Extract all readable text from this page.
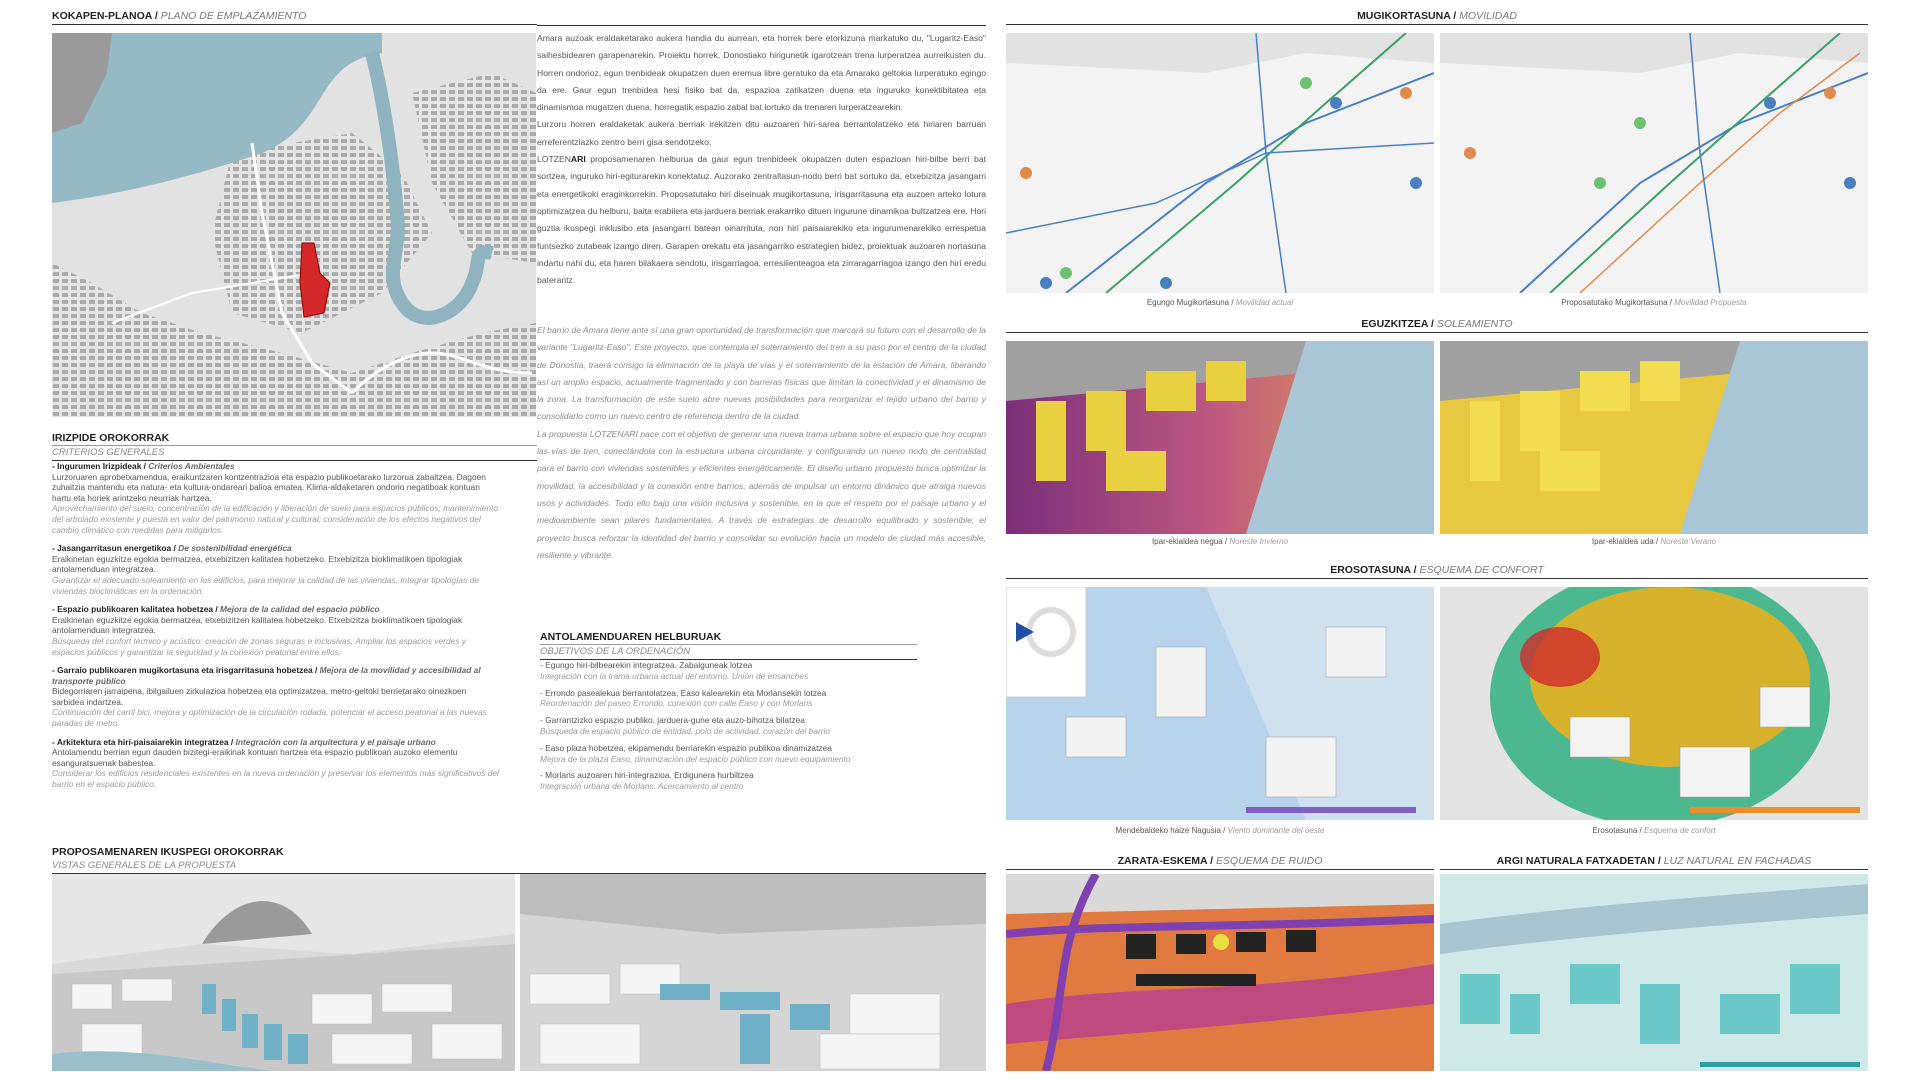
KOKAPEN-PLANOA / PLANO DE EMPLAZAMIENTO
IRIZPIDE OROKORRAK
CRITERIOS GENERALES
- Ingurumen Irizpideak / Criterios Ambientales
Lurzoruaren aprobetxamendua, eraikuntzaren kontzentrazioa eta espazio publikoetarako lurzorua zabaltzea. Dagoen zuhaitzia mantendu eta natura- eta kultura-ondareari balioa ematea. Klima-aldaketaren ondorio negatiboak kontuan hartu eta horiek arintzeko neurriak hartzea.
Aprovechamiento del suelo, concentración de la edificación y liberación de suelo para espacios públicos; mantenimiento del arbolado existente y puesta en valor del patrimonio natural y cultural; consideración de los efectos negativos del cambio climático con medidas para mitigarlos.
- Jasangarritasun energetikoa / De sostenibilidad energética
Eraikinetan eguzkitze egokia bermatzea, etxebizitzen kalitatea hobetzeko. Etxebizitza bioklimatikoen tipologiak antolamenduan integratzea.
Garantizar el adecuado soleamiento en los edificios, para mejorar la calidad de las viviendas. Integrar tipologías de viviendas bioclimáticas en la ordenación.
- Espazio publikoaren kalitatea hobetzea / Mejora de la calidad del espacio público
Eraikinetan eguzkitze egokia bermatzea, etxebizitzen kalitatea hobetzeko. Etxebizitza bioklimatikoen tipologiak antolamenduan integratzea.
Búsqueda del confort térmico y acústico: creación de zonas seguras e inclusivas. Ampliar los espacios verdes y espacios públicos y garantizar la seguridad y la conexión peatonal entre ellos.
- Garraio publikoaren mugikortasuna eta irisgarritasuna hobetzea / Mejora de la movilidad y accesibilidad al transporte público
Bidegorriaren jarraipena, ibilgailuen zirkulazioa hobetzea eta optimizatzea, metro-geltoki berrietarako oinezkoen sarbidea indartzea.
Continuación del carril bici, mejora y optimización de la circulación rodada, potenciar el acceso peatonal a las nuevas paradas de metro.
- Arkitektura eta hiri-paisaiarekin integratzea / Integración con la arquitectura y el paisaje urbano
Antolamendu berrian egun dauden bizitegi-eraikinak kontuan hartzea eta espazio publikoan auzoko elementu esanguratsuenak babestea.
Considerar los edificios residenciales existentes en la nueva ordenación y preservar los elementos más significativos del barrio en el espacio público.

Amara auzoak eraldaketarako aukera handia du aurrean, eta horrek bere etorkizuna markatuko du, "Lugaritz-Easo" saihesbidearen garapenarekin. Proiektu horrek, Donostiako hirigunetik igarotzean trena lurperatzea aurreikusten du. Horren ondorioz, egun trenbideak okupatzen duen eremua libre geratuko da eta Amarako geltokia lurperatuko egingo da ere. Gaur egun trenbidea hesi fisiko bat da, espazioa zatikatzen duena eta inguruko konektibitatea eta dinamismoa mugatzen duena, horregatik espazio zabal bat lortuko da trenaren lurperatzearekin.

Lurzoru horren eraldaketak aukera berriak irekitzen ditu auzoaren hiri-sarea berrantolatzeko eta hiriaren barruan erreferentziazko zentro berri gisa sendotzeko.

LOTZENARI proposamenaren helburua da gaur egun trenbideek okupatzen duten espazioan hiri-bilbe berri bat sortzea, inguruko hiri-egiturarekin konektatuz. Auzorako zentraltasun-nodo berri bat sortuko da, etxebizitza jasangarri eta energetikoki eraginkorrekin. Proposatutako hiri diseinuak mugikortasuna, irisgarritasuna eta auzoen arteko lotura optimizatzea du helburu, baita erabilera eta jarduera berriak erakarriko dituen ingurune dinamikoa bultzatzea ere. Hori guztia ikuspegi inklusibo eta jasangarri batean oinarrituta, non hiri paisaiarekiko eta ingurumenarekiko errespetua funtsezko zutabeak izango diren. Garapen orekatu eta jasangarriko estrategien bidez, proiektuak auzoaren nortasuna indartu nahi du, eta haren bilakaera sendotu, irisgarriagoa, erresilienteagoa eta zirraragarriagoa izango den hiri eredu baterantz.

El barrio de Amara tiene ante sí una gran oportunidad de transformación que marcará su futuro con el desarrollo de la variante "Lugaritz-Easo". Este proyecto, que contempla el soterramiento del tren a su paso por el centro de la ciudad de Donostia, traerá consigo la eliminación de la playa de vías y el soterramiento de la estación de Amara, liberando así un amplio espacio, actualmente fragmentado y con barreras físicas que limitan la conectividad y el dinamismo de la zona. La transformación de este suelo abre nuevas posibilidades para reorganizar el tejido urbano del barrio y consolidarlo como un nuevo centro de referencia dentro de la ciudad.

La propuesta LOTZENARI nace con el objetivo de generar una nueva trama urbana sobre el espacio que hoy ocupan las vías de tren, conectándola con la estructura urbana circundante, y configurando un nuevo nodo de centralidad para el barrio con viviendas sostenibles y eficientes energéticamente. El diseño urbano propuesto busca optimizar la movilidad, la accesibilidad y la conexión entre barrios, además de impulsar un entorno dinámico que atraiga nuevos usos y actividades. Todo ello bajo una visión inclusiva y sostenible, en la que el respeto por el paisaje urbano y el medioambiente sean pilares fundamentales. A través de estrategias de desarrollo equilibrado y sostenible, el proyecto busca reforzar la identidad del barrio y consolidar su evolución hacia un modelo de ciudad más accesible, resiliente y vibrante.

ANTOLAMENDUAREN HELBURUAK
OBJETIVOS DE LA ORDENACIÓN
- Egungo hiri-bilbearekin integratzea. Zabalguneak lotzea
Integración con la trama urbana actual del entorno. Unión de ensanches
- Errondo pasealekua berrantolatzea, Easo kalearekin eta Morlansekin lotzea
Reordenación del paseo Errondo, conexión con calle Easo y con Morlans
- Garrantzizko espazio publiko, jarduera-gune eta auzo-bihotza bilatzea
Búsqueda de espacio público de entidad, polo de actividad, corazón del barrio
- Easo plaza hobetzea, ekipamendu berriarekin espazio publikoa dinamizatzea
Mejora de la plaza Easo, dinamización del espacio público con nuevo equipamiento
- Morlans auzoaren hiri-integrazioa. Erdigunera hurbiltzea
Integración urbana de Morlans. Acercamiento al centro
PROPOSAMENAREN IKUSPEGI OROKORRAK
VISTAS GENERALES DE LA PROPUESTA
MUGIKORTASUNA / MOVILIDAD
Egungo Mugikortasuna / Movilidad actual	Proposatutako Mugikortasuna / Movilidad Propuesta
EGUZKITZEA / SOLEAMIENTO
Ipar-ekialdea negua / Noreste Invierno	Ipar-ekialdea uda / Noreste Verano
EROSOTASUNA / ESQUEMA DE CONFORT
Mendebaldeko haize Nagusia / Viento dominante del oeste	Erosotasuna / Esquema de confort
ZARATA-ESKEMA / ESQUEMA DE RUIDO	ARGI NATURALA FATXADETAN / LUZ NATURAL EN FACHADAS
